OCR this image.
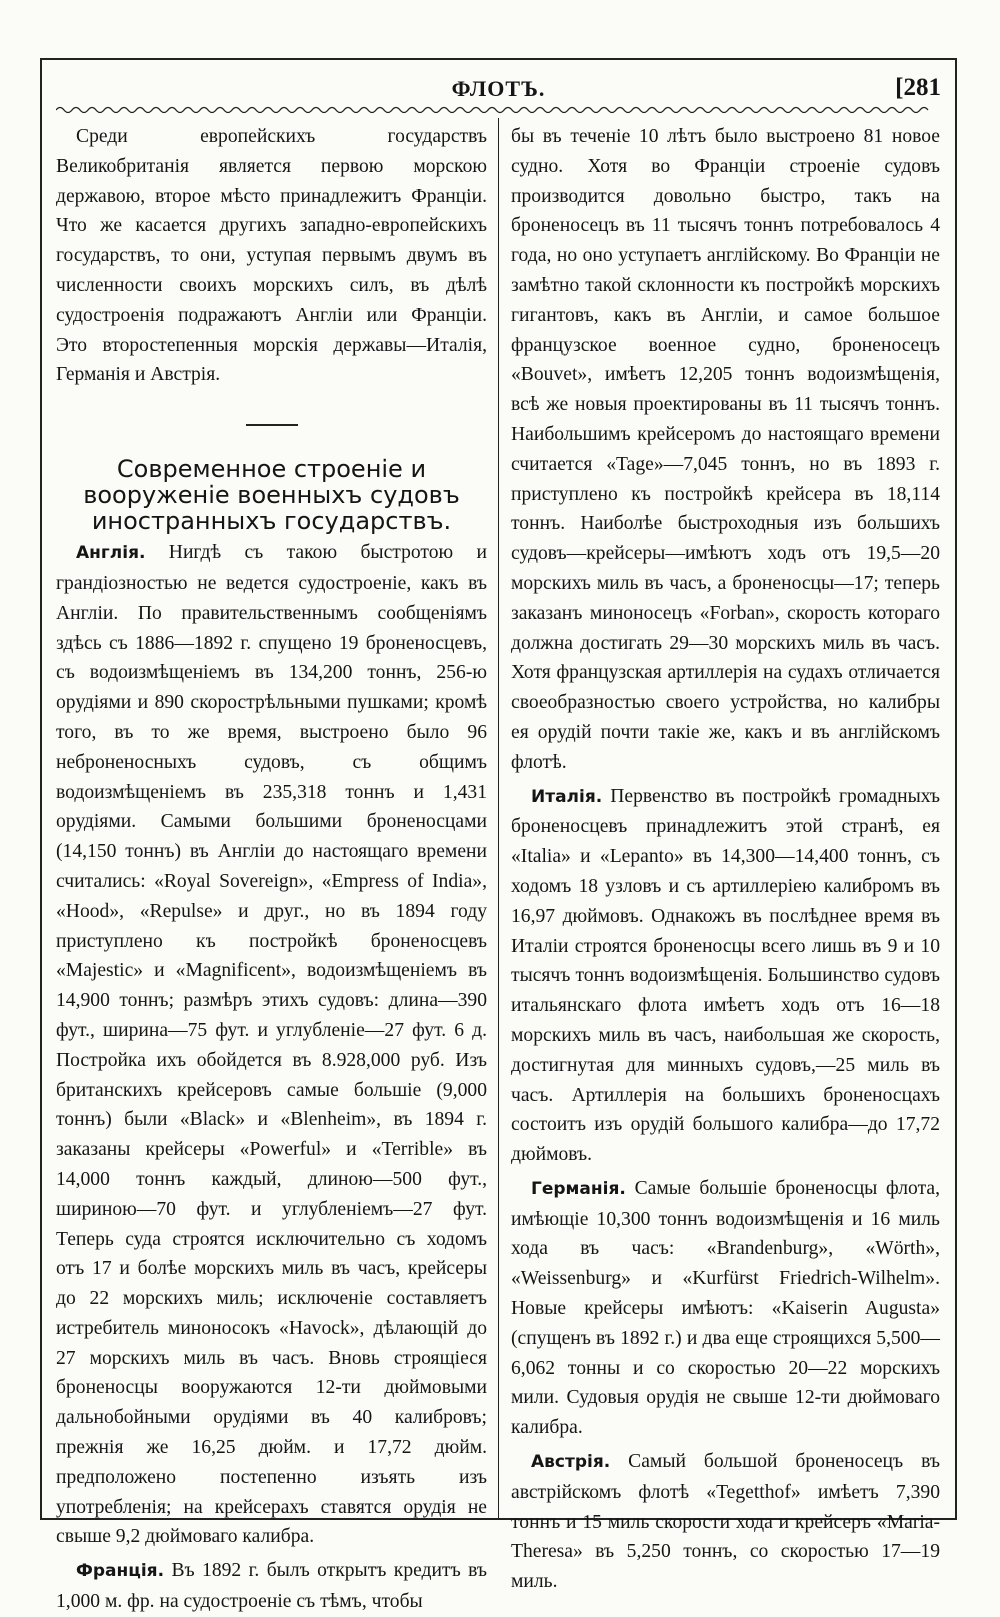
ФЛОТЪ.	[281

Среди европейскихъ государствъ Великобританія является первою морскою державою, второе мѣсто принадлежитъ Франціи. Что же касается другихъ западно-европейскихъ государствъ, то они, уступая первымъ двумъ въ численности своихъ морскихъ силъ, въ дѣлѣ судостроенія подражаютъ Англіи или Франціи. Это второстепенныя морскія державы—Италія, Германія и Австрія.

Современное строеніе и вооруженіе военныхъ судовъ иностранныхъ государствъ.

Англія. Нигдѣ съ такою быстротою и грандіозностью не ведется судостроеніе, какъ въ Англіи. По правительственнымъ сообщеніямъ здѣсь съ 1886—1892 г. спущено 19 броненосцевъ, съ водоизмѣщеніемъ въ 134,200 тоннъ, 256-ю орудіями и 890 скорострѣльными пушками; кромѣ того, въ то же время, выстроено было 96 неброненосныхъ судовъ, съ общимъ водоизмѣщеніемъ въ 235,318 тоннъ и 1,431 орудіями. Самыми большими броненосцами (14,150 тоннъ) въ Англіи до настоящаго времени считались: «Royal Sovereign», «Empress of India», «Hood», «Repulse» и друг., но въ 1894 году приступлено къ постройкѣ броненосцевъ «Majestic» и «Magnificent», водоизмѣщеніемъ въ 14,900 тоннъ; размѣръ этихъ судовъ: длина—390 фут., ширина—75 фут. и углубленіе—27 фут. 6 д. Постройка ихъ обойдется въ 8.928,000 руб. Изъ британскихъ крейсеровъ самые большіе (9,000 тоннъ) были «Black» и «Blenheim», въ 1894 г. заказаны крейсеры «Powerful» и «Terrible» въ 14,000 тоннъ каждый, длиною—500 фут., шириною—70 фут. и углубленіемъ—27 фут. Теперь суда строятся исключительно съ ходомъ отъ 17 и болѣе морскихъ миль въ часъ, крейсеры до 22 морскихъ миль; исключеніе составляетъ истребитель миноносокъ «Havock», дѣлающій до 27 морскихъ миль въ часъ. Вновь строящіеся броненосцы вооружаются 12-ти дюймовыми дальнобойными орудіями въ 40 калибровъ; прежнія же 16,25 дюйм. и 17,72 дюйм. предположено постепенно изъять изъ употребленія; на крейсерахъ ставятся орудія не свыше 9,2 дюймоваго калибра.

Франція. Въ 1892 г. былъ открытъ кредитъ въ 1,000 м. фр. на судостроеніе съ тѣмъ, чтобы

бы въ теченіе 10 лѣтъ было выстроено 81 новое судно. Хотя во Франціи строеніе судовъ производится довольно быстро, такъ на броненосецъ въ 11 тысячъ тоннъ потребовалось 4 года, но оно уступаетъ англійскому. Во Франціи не замѣтно такой склонности къ постройкѣ морскихъ гигантовъ, какъ въ Англіи, и самое большое французское военное судно, броненосецъ «Bouvet», имѣетъ 12,205 тоннъ водоизмѣщенія, всѣ же новыя проектированы въ 11 тысячъ тоннъ. Наибольшимъ крейсеромъ до настоящаго времени считается «Tage»—7,045 тоннъ, но въ 1893 г. приступлено къ постройкѣ крейсера въ 18,114 тоннъ. Наиболѣе быстроходныя изъ большихъ судовъ—крейсеры—имѣютъ ходъ отъ 19,5—20 морскихъ миль въ часъ, а броненосцы—17; теперь заказанъ миноносецъ «Forban», скорость котораго должна достигать 29—30 морскихъ миль въ часъ. Хотя французская артиллерія на судахъ отличается своеобразностью своего устройства, но калибры ея орудій почти такіе же, какъ и въ англійскомъ флотѣ.

Италія. Первенство въ постройкѣ громадныхъ броненосцевъ принадлежитъ этой странѣ, ея «Italia» и «Lepanto» въ 14,300—14,400 тоннъ, съ ходомъ 18 узловъ и съ артиллеріею калибромъ въ 16,97 дюймовъ. Однакожъ въ послѣднее время въ Италіи строятся броненосцы всего лишь въ 9 и 10 тысячъ тоннъ водоизмѣщенія. Большинство судовъ итальянскаго флота имѣетъ ходъ отъ 16—18 морскихъ миль въ часъ, наибольшая же скорость, достигнутая для минныхъ судовъ,—25 миль въ часъ. Артиллерія на большихъ броненосцахъ состоитъ изъ орудій большого калибра—до 17,72 дюймовъ.

Германія. Самые большіе броненосцы флота, имѣющіе 10,300 тоннъ водоизмѣщенія и 16 миль хода въ часъ: «Brandenburg», «Wörth», «Weissenburg» и «Kurfürst Friedrich-Wilhelm». Новые крейсеры имѣютъ: «Kaiserin Augusta» (спущенъ въ 1892 г.) и два еще строящихся 5,500—6,062 тонны и со скоростью 20—22 морскихъ мили. Судовыя орудія не свыше 12-ти дюймоваго калибра.

Австрія. Самый большой броненосецъ въ австрійскомъ флотѣ «Tegetthof» имѣетъ 7,390 тоннъ и 15 миль скорости хода и крейсеръ «Maria-Theresa» въ 5,250 тоннъ, со скоростью 17—19 миль.
